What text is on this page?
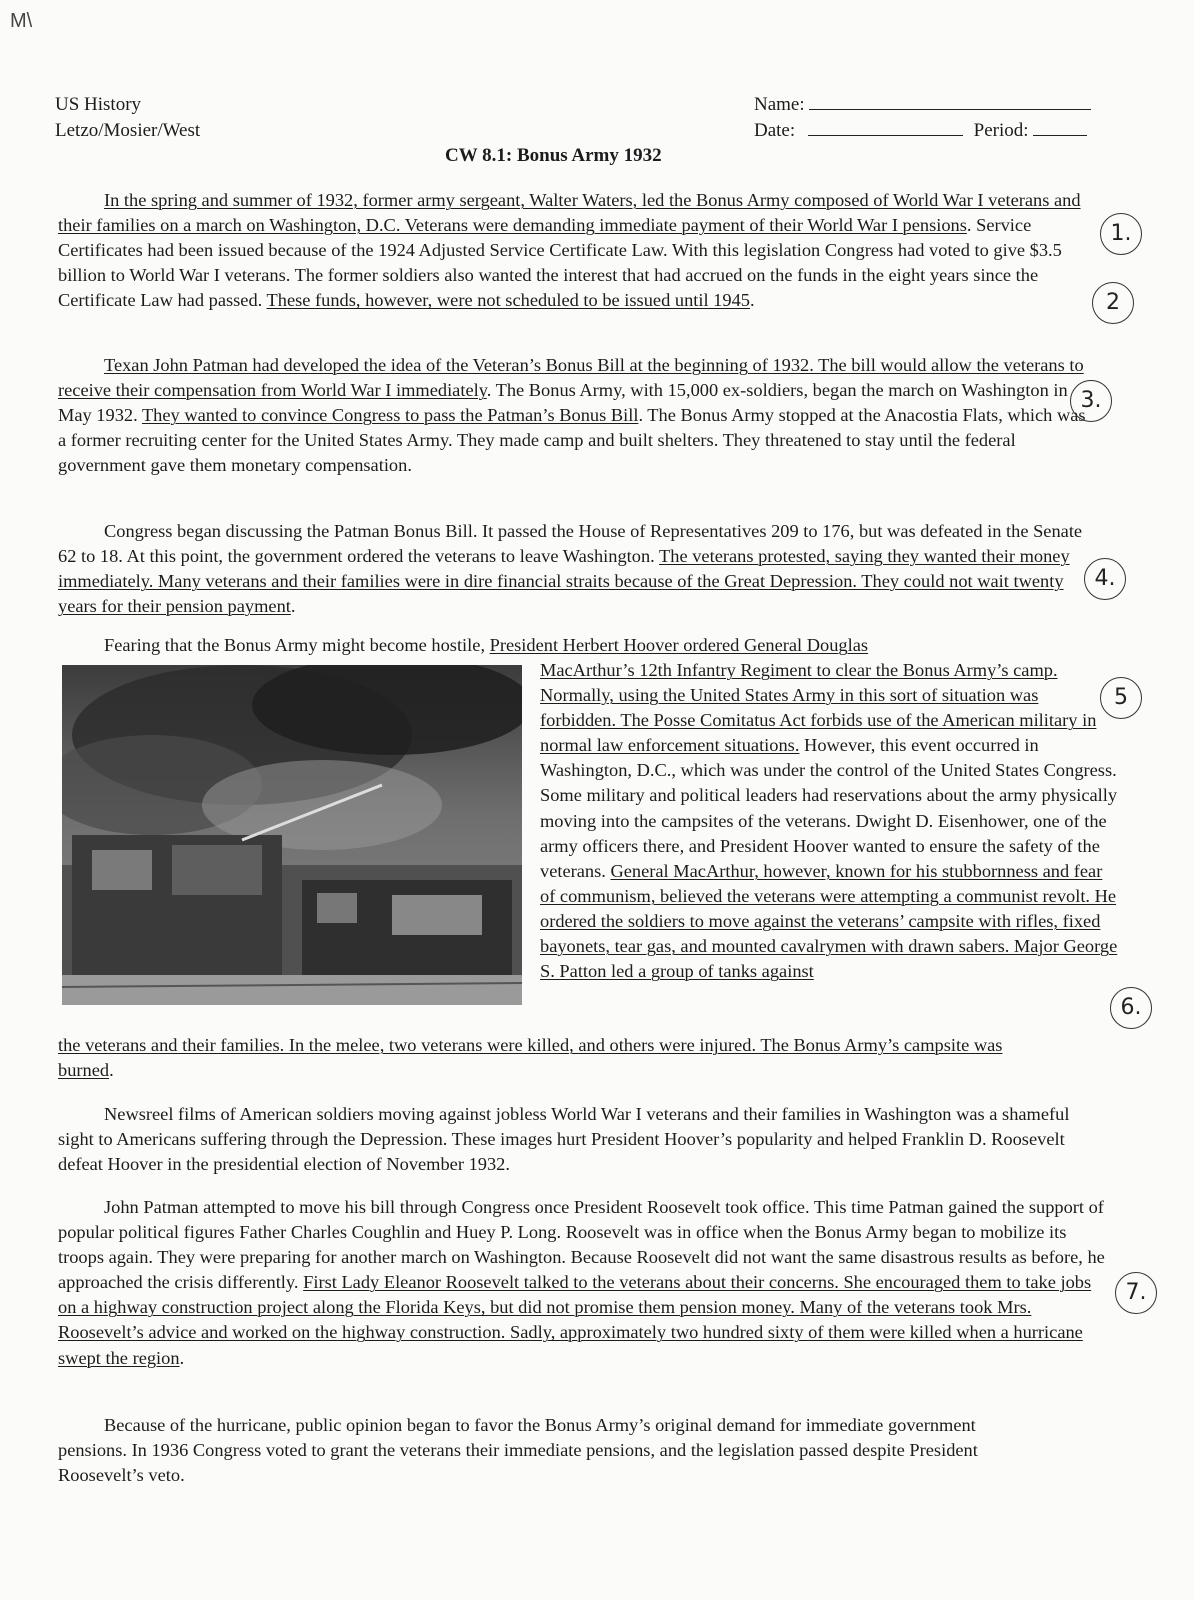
M\
US History
Letzo/Mosier/West
Name:
Date:	Period:
CW 8.1: Bonus Army 1932

In the spring and summer of 1932, former army sergeant, Walter Waters, led the Bonus Army composed of World War I veterans and their families on a march on Washington, D.C. Veterans were demanding immediate payment of their World War I pensions. Service Certificates had been issued because of the 1924 Adjusted Service Certificate Law. With this legislation Congress had voted to give $3.5 billion to World War I veterans. The former soldiers also wanted the interest that had accrued on the funds in the eight years since the Certificate Law had passed. These funds, however, were not scheduled to be issued until 1945.

Texan John Patman had developed the idea of the Veteran’s Bonus Bill at the beginning of 1932. The bill would allow the veterans to receive their compensation from World War I immediately. The Bonus Army, with 15,000 ex-soldiers, began the march on Washington in May 1932. They wanted to convince Congress to pass the Patman’s Bonus Bill. The Bonus Army stopped at the Anacostia Flats, which was a former recruiting center for the United States Army. They made camp and built shelters. They threatened to stay until the federal government gave them monetary compensation.

Congress began discussing the Patman Bonus Bill. It passed the House of Representatives 209 to 176, but was defeated in the Senate 62 to 18. At this point, the government ordered the veterans to leave Washington. The veterans protested, saying they wanted their money immediately. Many veterans and their families were in dire financial straits because of the Great Depression. They could not wait twenty years for their pension payment.

Fearing that the Bonus Army might become hostile, President Herbert Hoover ordered General Douglas

MacArthur’s 12th Infantry Regiment to clear the Bonus Army’s camp. Normally, using the United States Army in this sort of situation was forbidden. The Posse Comitatus Act forbids use of the American military in normal law enforcement situations. However, this event occurred in Washington, D.C., which was under the control of the United States Congress. Some military and political leaders had reservations about the army physically moving into the campsites of the veterans. Dwight D. Eisenhower, one of the army officers there, and President Hoover wanted to ensure the safety of the veterans. General MacArthur, however, known for his stubbornness and fear of communism, believed the veterans were attempting a communist revolt. He ordered the soldiers to move against the veterans’ campsite with rifles, fixed bayonets, tear gas, and mounted cavalrymen with drawn sabers. Major George S. Patton led a group of tanks against

the veterans and their families. In the melee, two veterans were killed, and others were injured. The Bonus Army’s campsite was burned.

Newsreel films of American soldiers moving against jobless World War I veterans and their families in Washington was a shameful sight to Americans suffering through the Depression. These images hurt President Hoover’s popularity and helped Franklin D. Roosevelt defeat Hoover in the presidential election of November 1932.

John Patman attempted to move his bill through Congress once President Roosevelt took office. This time Patman gained the support of popular political figures Father Charles Coughlin and Huey P. Long. Roosevelt was in office when the Bonus Army began to mobilize its troops again. They were preparing for another march on Washington. Because Roosevelt did not want the same disastrous results as before, he approached the crisis differently. First Lady Eleanor Roosevelt talked to the veterans about their concerns. She encouraged them to take jobs on a highway construction project along the Florida Keys, but did not promise them pension money. Many of the veterans took Mrs. Roosevelt’s advice and worked on the highway construction. Sadly, approximately two hundred sixty of them were killed when a hurricane swept the region.

Because of the hurricane, public opinion began to favor the Bonus Army’s original demand for immediate government pensions. In 1936 Congress voted to grant the veterans their immediate pensions, and the legislation passed despite President Roosevelt’s veto.

1.
2
3.
4.
5
6.
7.
